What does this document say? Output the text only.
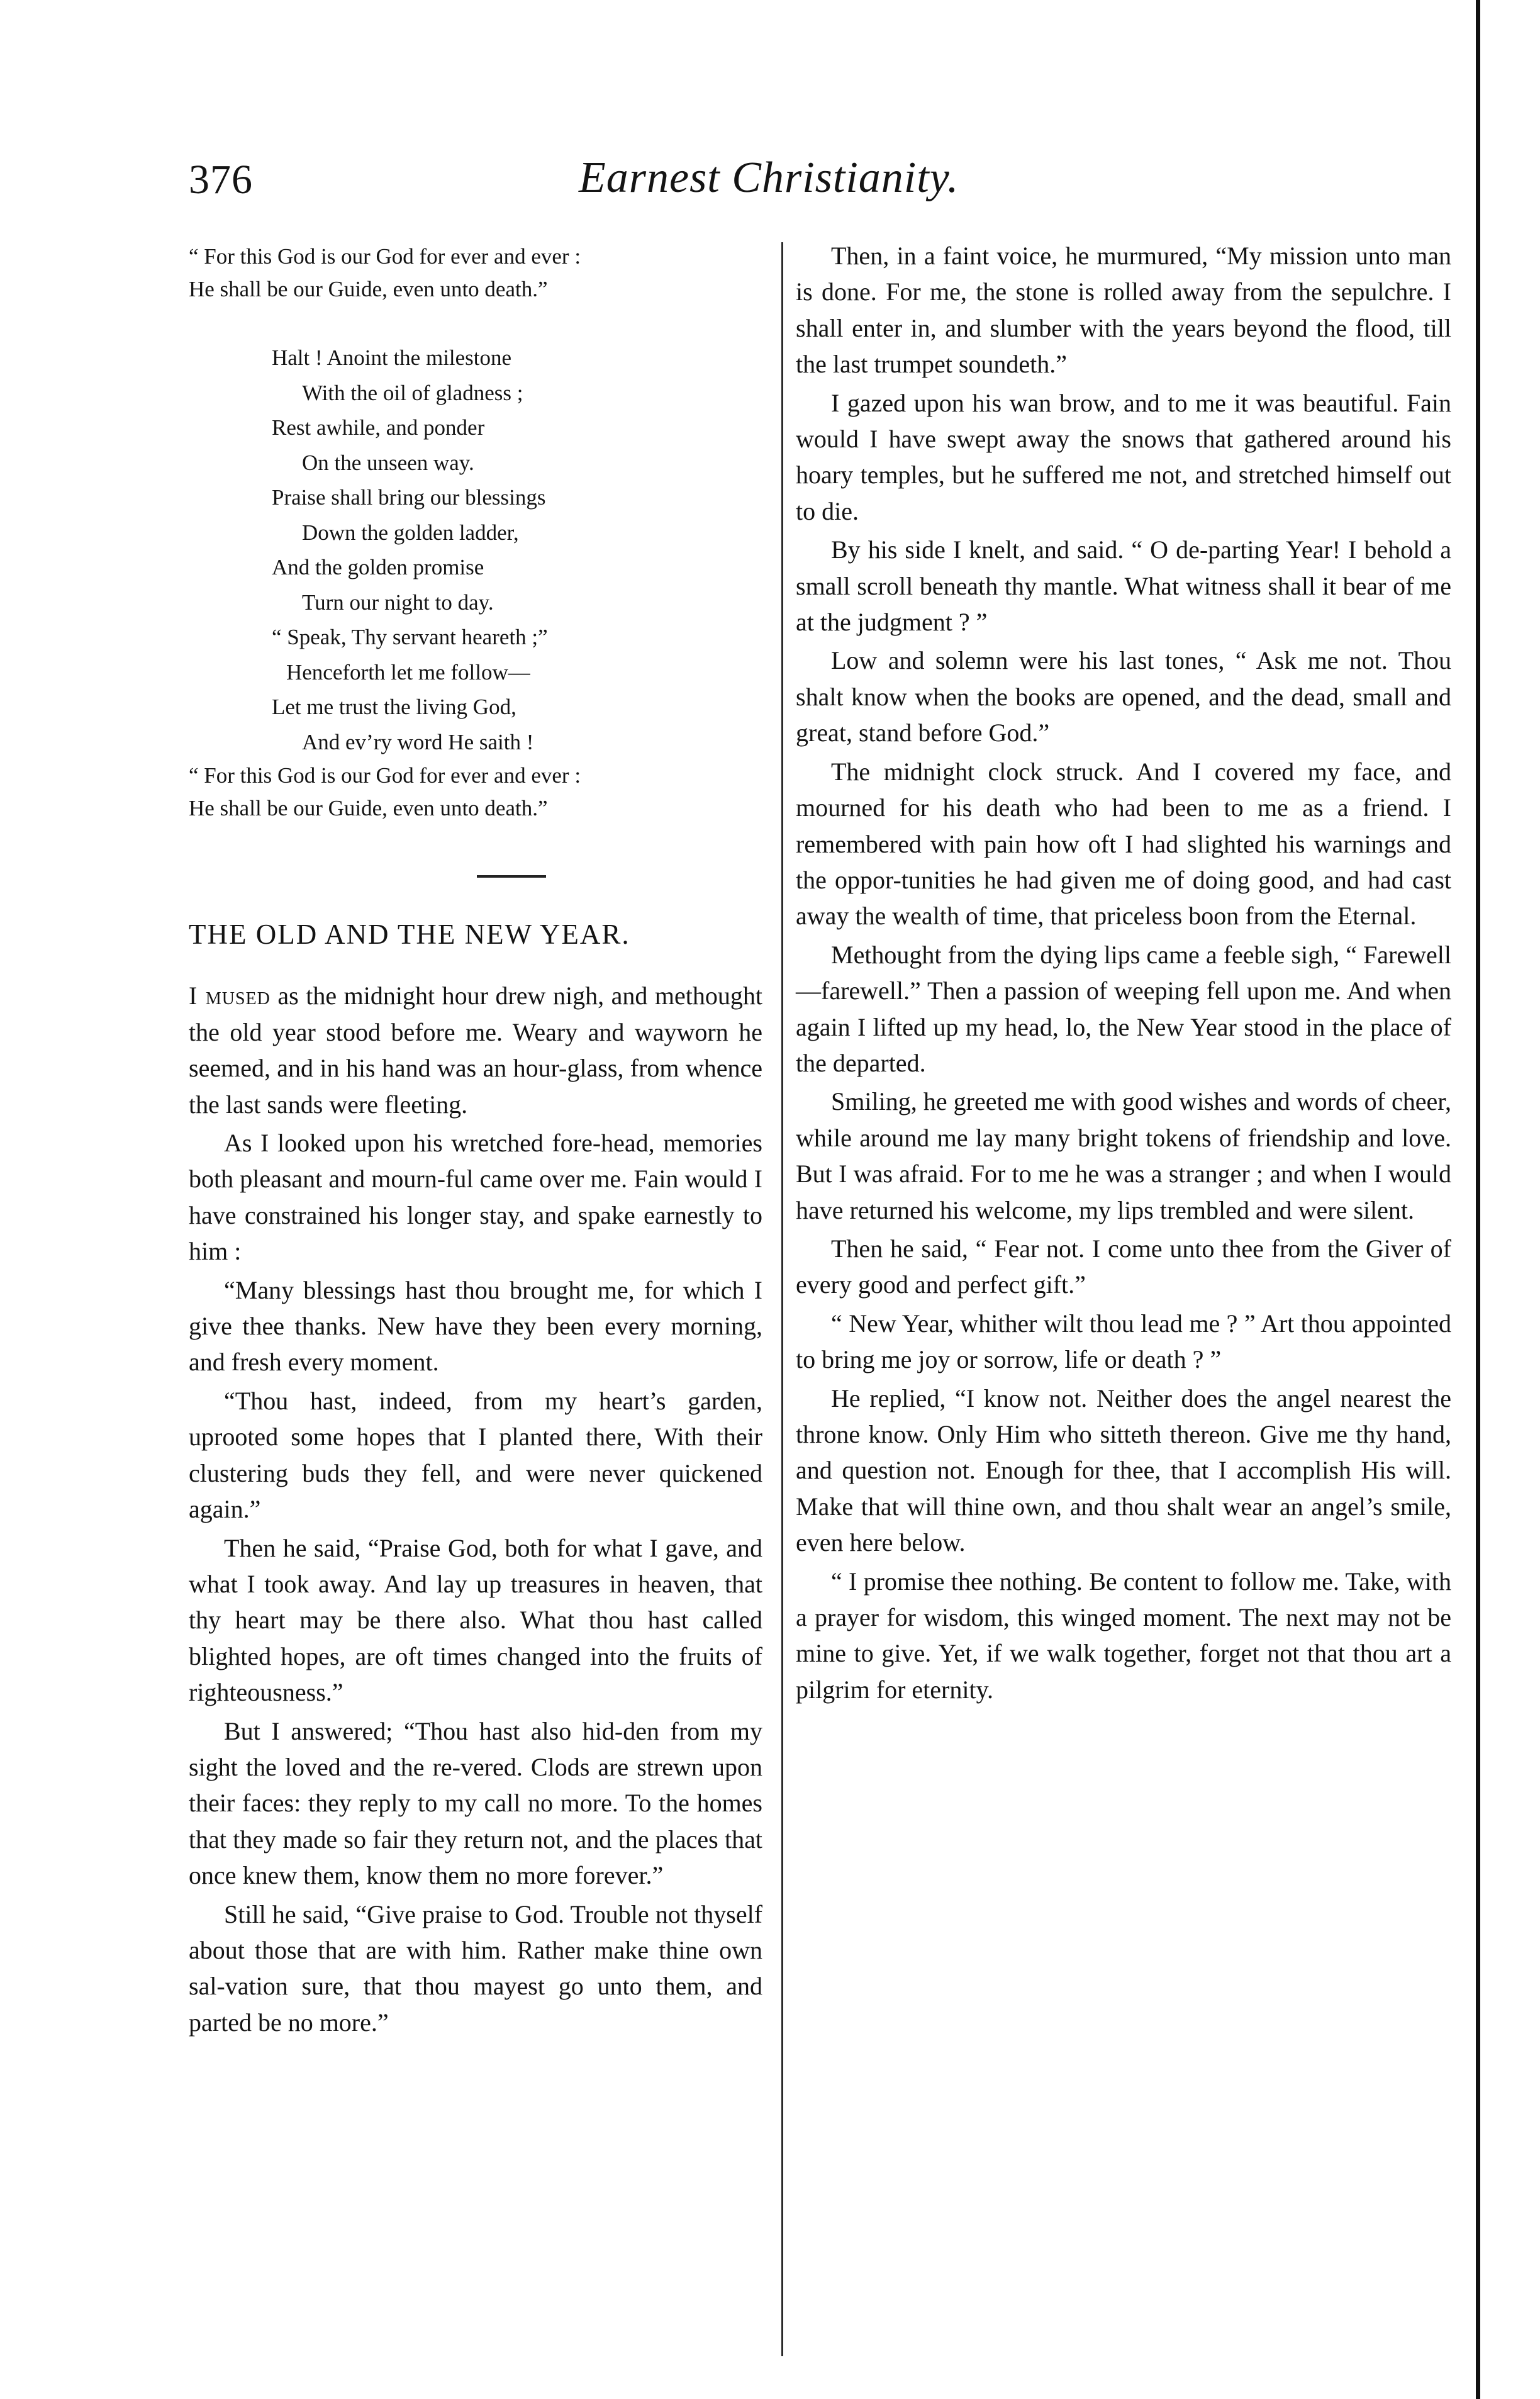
376	Earnest Christianity.

“ For this God is our God for ever and ever :

He shall be our Guide, even unto death.”

Halt ! Anoint the milestone

With the oil of gladness ;

Rest awhile, and ponder

On the unseen way.

Praise shall bring our blessings

Down the golden ladder,

And the golden promise

Turn our night to day.

“ Speak, Thy servant heareth ;”

Henceforth let me follow—

Let me trust the living God,

And ev’ry word He saith !

“ For this God is our God for ever and ever :

He shall be our Guide, even unto death.”

THE OLD AND THE NEW YEAR.

I mused as the midnight hour drew nigh, and methought the old year stood before me. Weary and wayworn he seemed, and in his hand was an hour-glass, from whence the last sands were fleeting.

As I looked upon his wretched fore-head, memories both pleasant and mourn-ful came over me. Fain would I have constrained his longer stay, and spake earnestly to him :

“Many blessings hast thou brought me, for which I give thee thanks. New have they been every morning, and fresh every moment.

“Thou hast, indeed, from my heart’s garden, uprooted some hopes that I planted there, With their clustering buds they fell, and were never quickened again.”

Then he said, “Praise God, both for what I gave, and what I took away. And lay up treasures in heaven, that thy heart may be there also. What thou hast called blighted hopes, are oft times changed into the fruits of righteousness.”

But I answered; “Thou hast also hid-den from my sight the loved and the re-vered. Clods are strewn upon their faces: they reply to my call no more. To the homes that they made so fair they return not, and the places that once knew them, know them no more forever.”

Still he said, “Give praise to God. Trouble not thyself about those that are with him. Rather make thine own sal-vation sure, that thou mayest go unto them, and parted be no more.”

Then, in a faint voice, he murmured, “My mission unto man is done. For me, the stone is rolled away from the sepulchre. I shall enter in, and slumber with the years beyond the flood, till the last trumpet soundeth.”

I gazed upon his wan brow, and to me it was beautiful. Fain would I have swept away the snows that gathered around his hoary temples, but he suffered me not, and stretched himself out to die.

By his side I knelt, and said. “ O de-parting Year! I behold a small scroll beneath thy mantle. What witness shall it bear of me at the judgment ? ”

Low and solemn were his last tones, “ Ask me not. Thou shalt know when the books are opened, and the dead, small and great, stand before God.”

The midnight clock struck. And I covered my face, and mourned for his death who had been to me as a friend. I remembered with pain how oft I had slighted his warnings and the oppor-tunities he had given me of doing good, and had cast away the wealth of time, that priceless boon from the Eternal.

Methought from the dying lips came a feeble sigh, “ Farewell—farewell.” Then a passion of weeping fell upon me. And when again I lifted up my head, lo, the New Year stood in the place of the departed.

Smiling, he greeted me with good wishes and words of cheer, while around me lay many bright tokens of friendship and love. But I was afraid. For to me he was a stranger ; and when I would have returned his welcome, my lips trembled and were silent.

Then he said, “ Fear not. I come unto thee from the Giver of every good and perfect gift.”

“ New Year, whither wilt thou lead me ? ” Art thou appointed to bring me joy or sorrow, life or death ? ”

He replied, “I know not. Neither does the angel nearest the throne know. Only Him who sitteth thereon. Give me thy hand, and question not. Enough for thee, that I accomplish His will. Make that will thine own, and thou shalt wear an angel’s smile, even here below.

“ I promise thee nothing. Be content to follow me. Take, with a prayer for wisdom, this winged moment. The next may not be mine to give. Yet, if we walk together, forget not that thou art a pilgrim for eternity.
